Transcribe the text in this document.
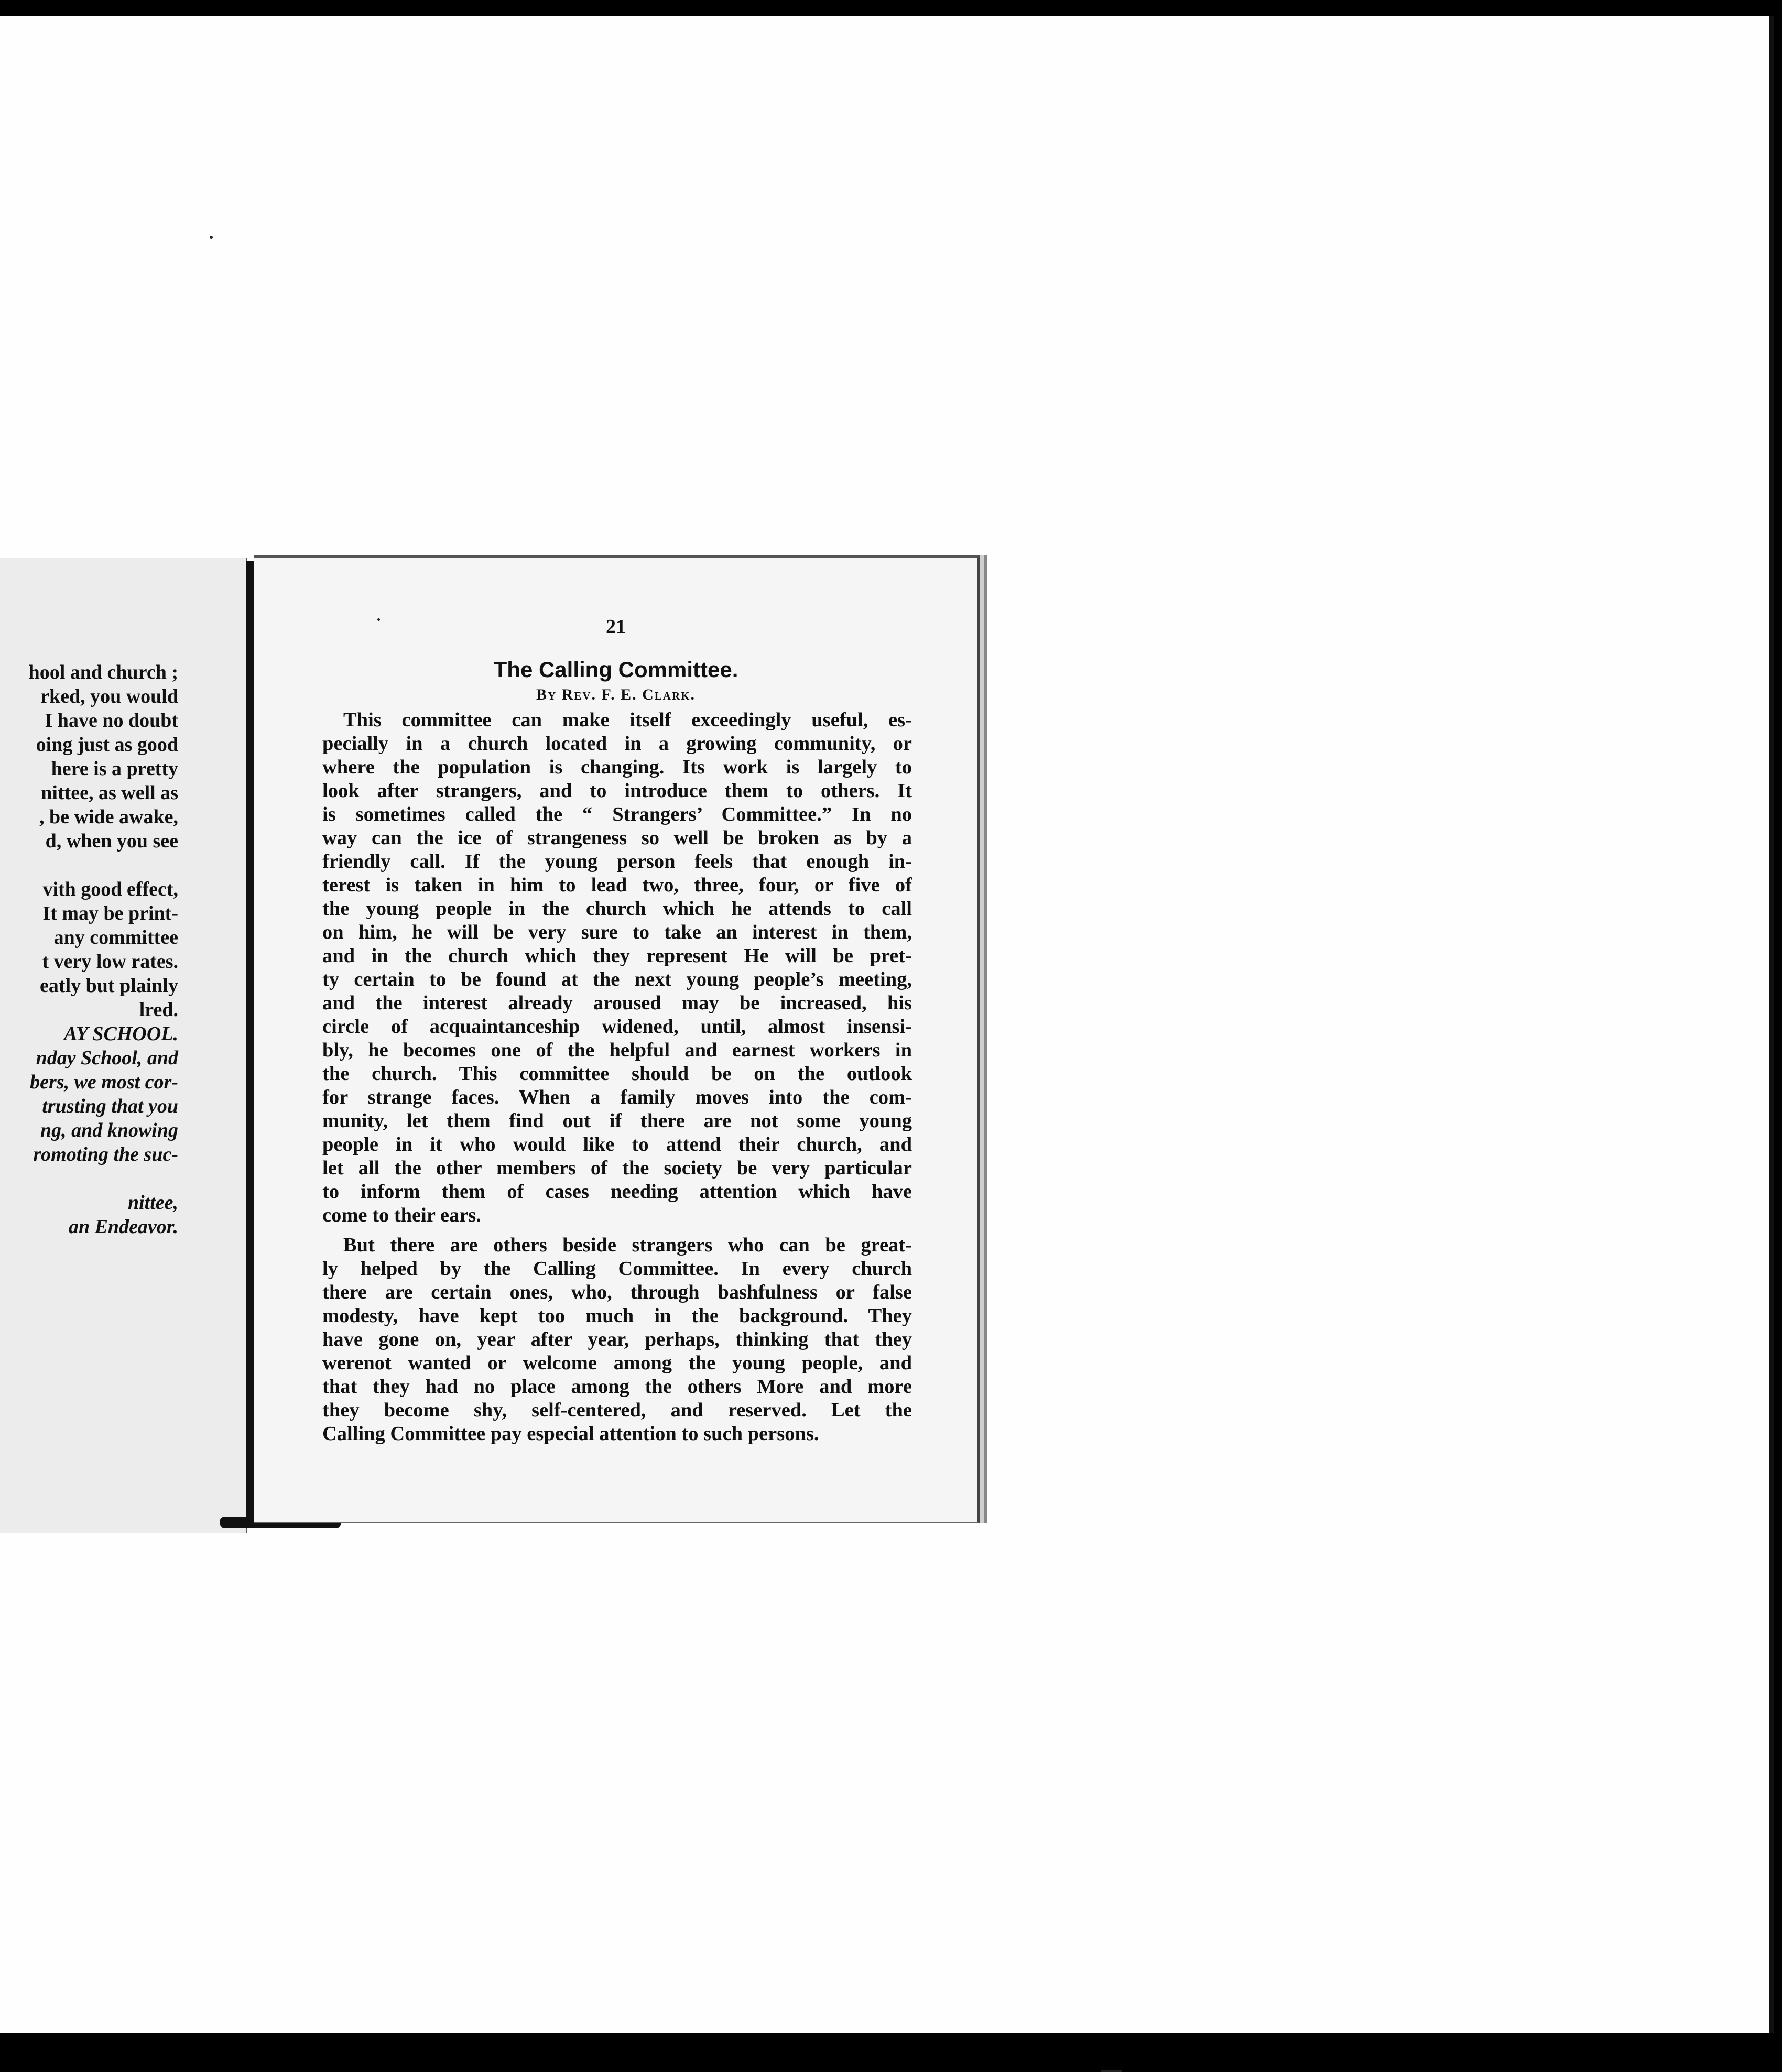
hool and church ;
rked, you would
I have no doubt
oing just as good
here is a pretty
nittee, as well as
, be wide awake,
d, when you see
vith good effect,
It may be print-
any committee
t very low rates.
eatly but plainly
lred.
AY SCHOOL.
nday School, and
bers, we most cor-
trusting that you
ng, and knowing
romoting the suc-
nittee,
an Endeavor.
21
The Calling Committee.
By Rev. F. E. Clark.
This committee can make itself exceedingly useful, es-
pecially in a church located in a growing community, or
where the population is changing. Its work is largely to
look after strangers, and to introduce them to others. It
is sometimes called the “ Strangers’ Committee.” In no
way can the ice of strangeness so well be broken as by a
friendly call. If the young person feels that enough in-
terest is taken in him to lead two, three, four, or five of
the young people in the church which he attends to call
on him, he will be very sure to take an interest in them,
and in the church which they represent He will be pret-
ty certain to be found at the next young people’s meeting,
and the interest already aroused may be increased, his
circle of acquaintanceship widened, until, almost insensi-
bly, he becomes one of the helpful and earnest workers in
the church. This committee should be on the outlook
for strange faces. When a family moves into the com-
munity, let them find out if there are not some young
people in it who would like to attend their church, and
let all the other members of the society be very particular
to inform them of cases needing attention which have
come to their ears.
But there are others beside strangers who can be great-
ly helped by the Calling Committee. In every church
there are certain ones, who, through bashfulness or false
modesty, have kept too much in the background. They
have gone on, year after year, perhaps, thinking that they
werenot wanted or welcome among the young people, and
that they had no place among the others More and more
they become shy, self-centered, and reserved. Let the
Calling Committee pay especial attention to such persons.
